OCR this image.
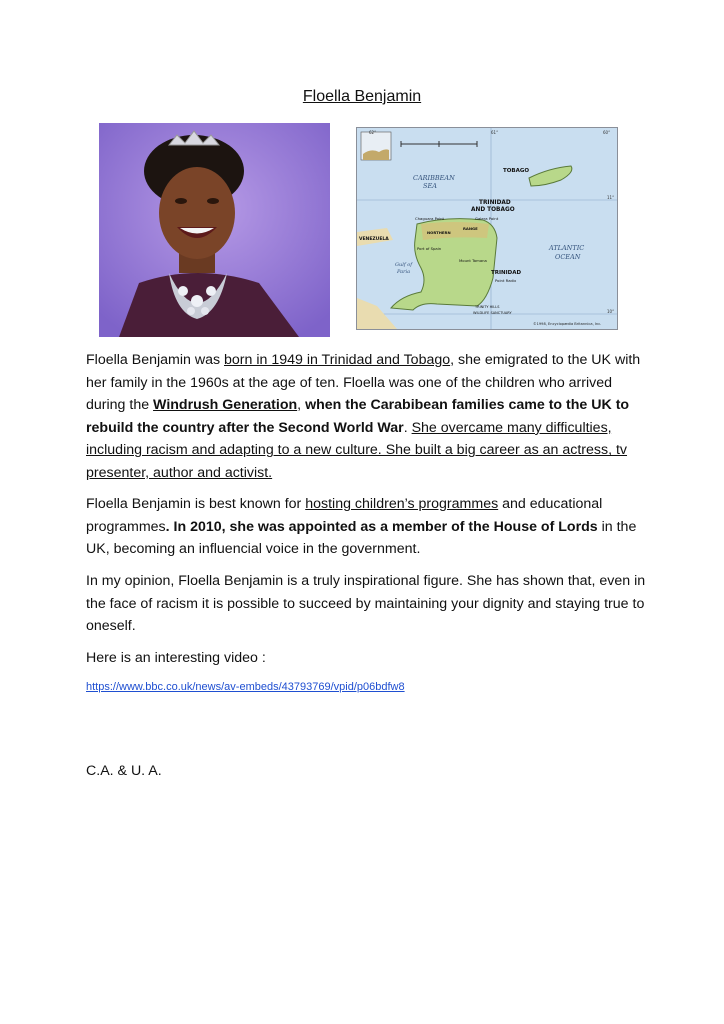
Floella Benjamin
CARIBBEAN
SEA
ATLANTIC
OCEAN
TRINIDAD
AND TOBAGO
TOBAGO
TRINIDAD
VENEZUELA
Gulf of
Paria
Chaguara Point	Galera Point
NORTHERN
RANGE
Port of Spain
Mount Tamana
Point Radix
TRINITY HILLS
WILDLIFE SANCTUARY
62°	61°	60°
11°
10°
©1998, Encyclopædia Britannica, Inc.

Floella Benjamin was born in 1949 in Trinidad and Tobago, she emigrated to the UK with her family in the 1960s at the age of ten. Floella was one of the children who arrived during the Windrush Generation, when the Carabibean families came to the UK to rebuild the country after the Second World War. She overcame many difficulties, including racism and adapting to a new culture. She built a big career as an actress, tv presenter, author and activist.

Floella Benjamin is best known for hosting children’s programmes and educational programmes. In 2010, she was appointed as a member of the House of Lords in the UK, becoming an influencial voice in the government.

In my opinion, Floella Benjamin is a truly inspirational figure. She has shown that, even in the face of racism it is possible to succeed by maintaining your dignity and staying true to oneself.

Here is an interesting video :

https://www.bbc.co.uk/news/av-embeds/43793769/vpid/p06bdfw8
C.A. & U. A.
